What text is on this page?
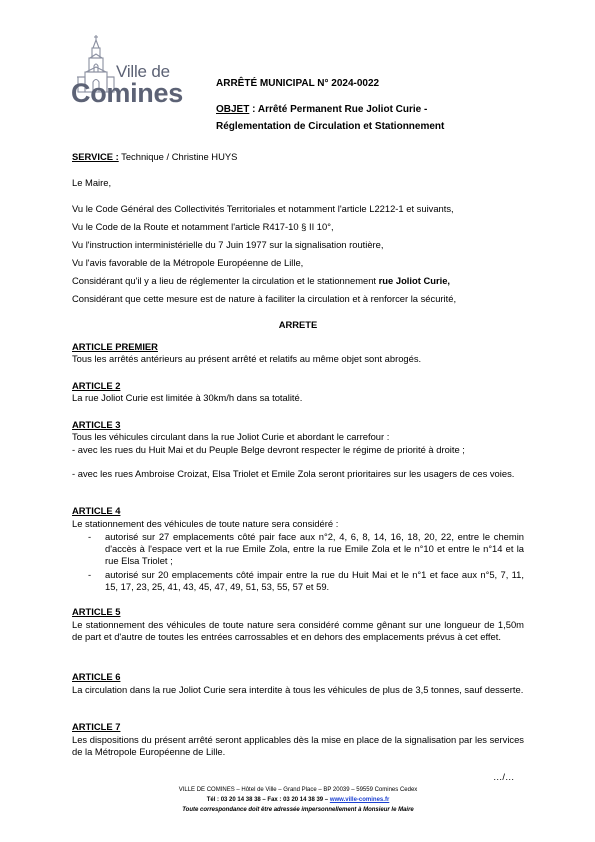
Ville de
Comines	ARRÊTÉ MUNICIPAL N° 2024-0022
OBJET : Arrêté Permanent Rue Joliot Curie -
Réglementation de Circulation et Stationnement
SERVICE : Technique / Christine HUYS
Le Maire,
Vu le Code Général des Collectivités Territoriales et notamment l'article L2212-1 et suivants,
Vu le Code de la Route et notamment l'article R417-10 § II 10°,
Vu l'instruction interministérielle du 7 Juin 1977 sur la signalisation routière,
Vu l'avis favorable de la Métropole Européenne de Lille,
Considérant qu'il y a lieu de réglementer la circulation et le stationnement rue Joliot Curie,
Considérant que cette mesure est de nature à faciliter la circulation et à renforcer la sécurité,
ARRETE
ARTICLE PREMIER
Tous les arrêtés antérieurs au présent arrêté et relatifs au même objet sont abrogés.
ARTICLE 2
La rue Joliot Curie est limitée à 30km/h dans sa totalité.
ARTICLE 3
Tous les véhicules circulant dans la rue Joliot Curie et abordant le carrefour :
- avec les rues du Huit Mai et du Peuple Belge devront respecter le régime de priorité à droite ;
- avec les rues Ambroise Croizat, Elsa Triolet et Emile Zola seront prioritaires sur les usagers de ces voies.
ARTICLE 4
Le stationnement des véhicules de toute nature sera considéré :
-	autorisé sur 27 emplacements côté pair face aux n°2, 4, 6, 8, 14, 16, 18, 20, 22, entre le chemin d'accès à l'espace vert et la rue Emile Zola, entre la rue Emile Zola et le n°10 et entre le n°14 et la rue Elsa Triolet ;
-	autorisé sur 20 emplacements côté impair entre la rue du Huit Mai et le n°1 et face aux n°5, 7, 11, 15, 17, 23, 25, 41, 43, 45, 47, 49, 51, 53, 55, 57 et 59.
ARTICLE 5
Le stationnement des véhicules de toute nature sera considéré comme gênant sur une longueur de 1,50m de part et d'autre de toutes les entrées carrossables et en dehors des emplacements prévus à cet effet.
ARTICLE 6
La circulation dans la rue Joliot Curie sera interdite à tous les véhicules de plus de 3,5 tonnes, sauf desserte.
ARTICLE 7
Les dispositions du présent arrêté seront applicables dès la mise en place de la signalisation par les services de la Métropole Européenne de Lille.
…/…
VILLE DE COMINES – Hôtel de Ville – Grand Place – BP 20039 – 59559 Comines Cedex
Tél : 03 20 14 38 38 – Fax : 03 20 14 38 39 – www.ville-comines.fr
Toute correspondance doit être adressée impersonnellement à Monsieur le Maire
